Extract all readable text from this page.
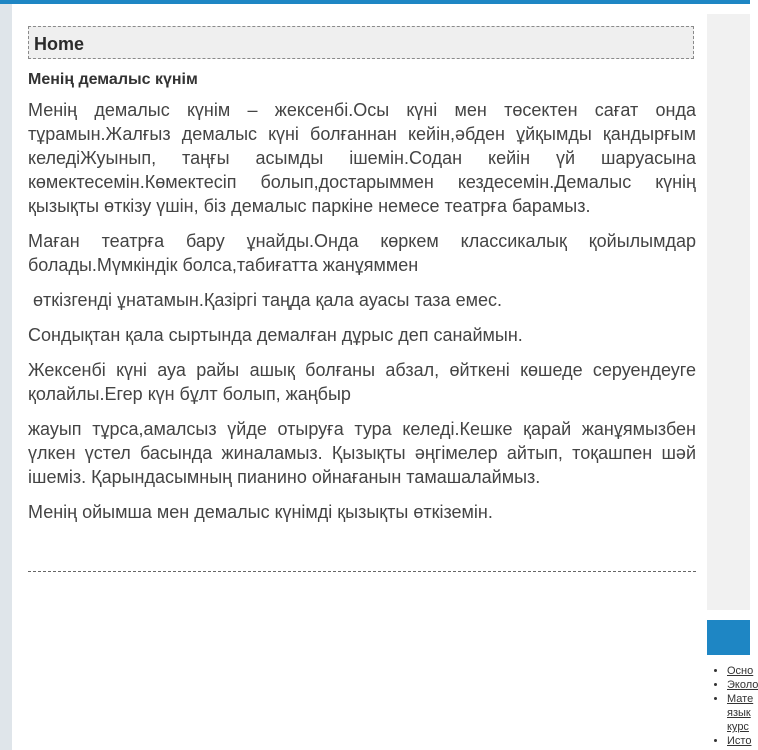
Home
Менің демалыс күнім

Менің демалыс күнім – жексенбі.Осы күні мен төсектен сағат онда тұрамын.Жалғыз демалыс күні болғаннан кейін,әбден ұйқымды қандырғым келедіЖуынып, таңғы асымды ішемін.Содан кейін үй шаруасына көмектесемін.Көмектесіп болып,достарыммен кездесемін.Демалыс күнің қызықты өткізу үшін, біз демалыс паркіне немесе театрға барамыз.

Маған театрға бару ұнайды.Онда көркем классикалық қойылымдар болады.Мүмкіндік болса,табиғатта жанұяммен

өткізгенді ұнатамын.Қазіргі таңда қала ауасы таза емес.

Сондықтан қала сыртында демалған дұрыс деп санаймын.

Жексенбі күні ауа райы ашық болғаны абзал, өйткені көшеде серуендеуге қолайлы.Егер күн бұлт болып, жаңбыр

жауып тұрса,амалсыз үйде отыруға тура келеді.Кешке қарай жанұямызбен үлкен үстел басында жиналамыз. Қызықты әңгімелер айтып, тоқашпен шәй ішеміз. Қарындасымның пианино ойнағанын тамашалаймыз.

Менің ойымша мен демалыс күнімді қызықты өткіземін.

• Осно
• Эколо
• Мате
язык
курс
• Исто
